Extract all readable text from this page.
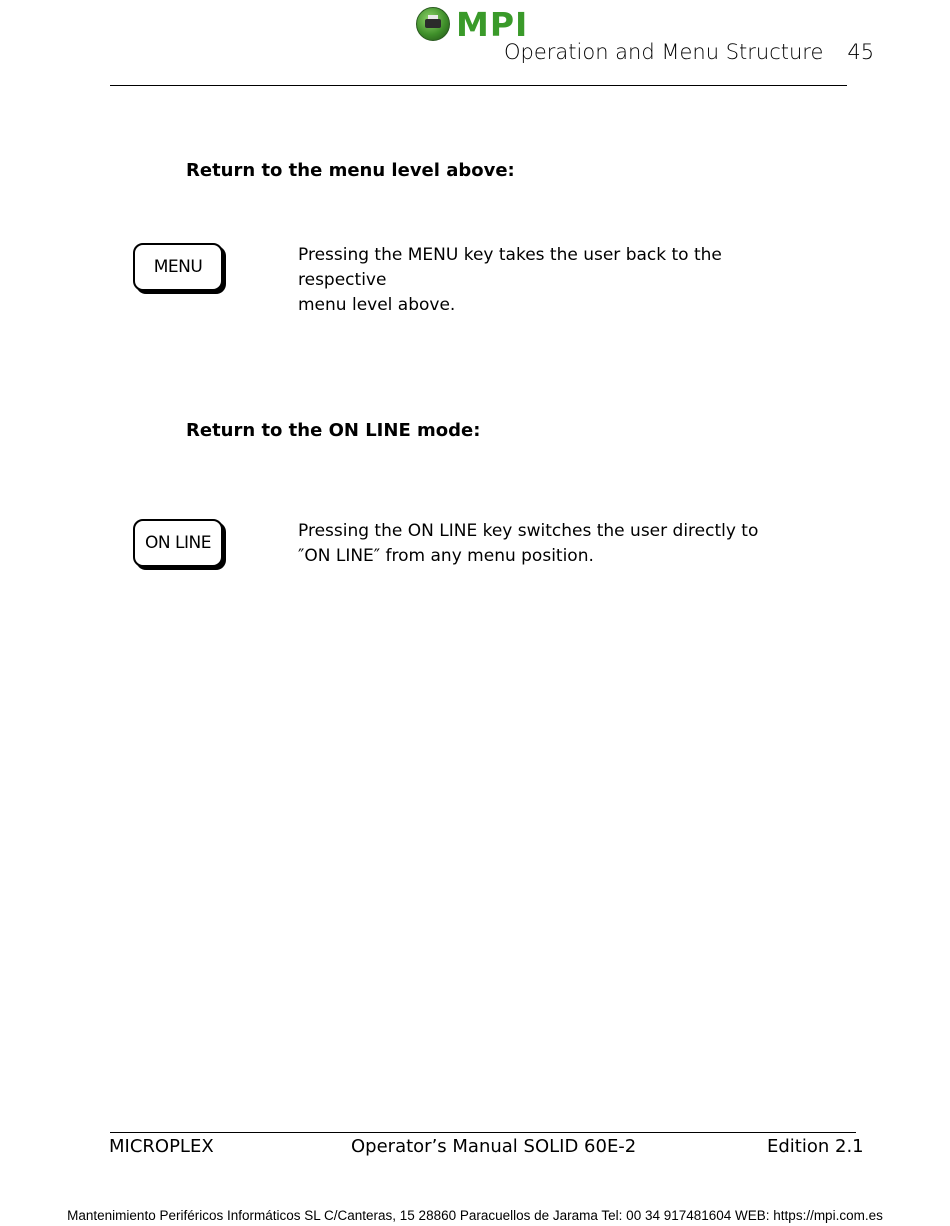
MPI
Operation and Menu Structure 45
Return to the menu level above:
MENU
Pressing the MENU key takes the user back to the respective
menu level above.
Return to the ON LINE mode:
ON LINE
Pressing the ON LINE key switches the user directly to
″ON LINE″ from any menu position.
MICROPLEX	Operator’s Manual SOLID 60E-2	Edition 2.1
Mantenimiento Periféricos Informáticos SL C/Canteras, 15 28860 Paracuellos de Jarama Tel: 00 34 917481604 WEB: https://mpi.com.es
